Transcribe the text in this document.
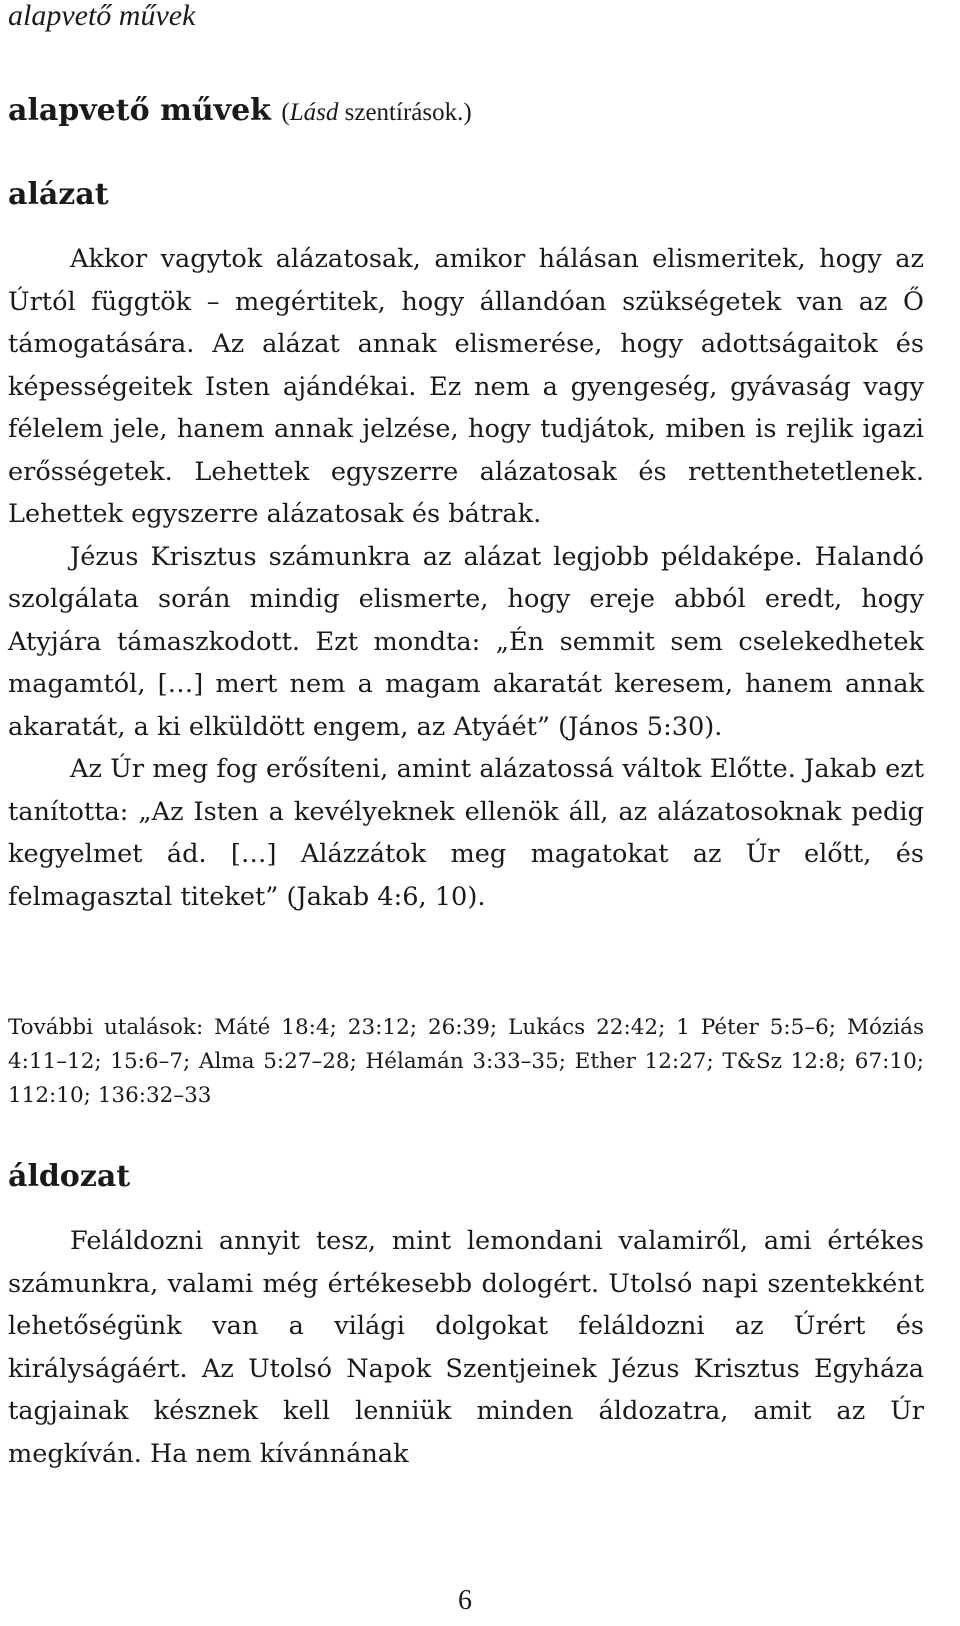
alapvető művek
alapvető művek (Lásd szentírások.)
alázat

Akkor vagytok alázatosak, amikor hálásan elismeritek, hogy az Úrtól függtök – megértitek, hogy állandóan szükségetek van az Ő támogatására. Az alázat annak elismerése, hogy adottságaitok és képességeitek Isten ajándékai. Ez nem a gyengeség, gyávaság vagy félelem jele, hanem annak jelzése, hogy tudjátok, miben is rejlik igazi erősségetek. Lehettek egyszerre alázatosak és rettenthetetlenek. Lehettek egyszerre alázatosak és bátrak.

Jézus Krisztus számunkra az alázat legjobb példaképe. Halandó szolgálata során mindig elismerte, hogy ereje abból eredt, hogy Atyjára támaszkodott. Ezt mondta: „Én semmit sem cselekedhetek magamtól, […] mert nem a magam akaratát keresem, hanem annak akaratát, a ki elküldött engem, az Atyáét” (János 5:30).

Az Úr meg fog erősíteni, amint alázatossá váltok Előtte. Jakab ezt tanította: „Az Isten a kevélyeknek ellenök áll, az alázatosoknak pedig kegyelmet ád. […] Alázzátok meg magatokat az Úr előtt, és felmagasztal titeket” (Jakab 4:6, 10).

További utalások: Máté 18:4; 23:12; 26:39; Lukács 22:42; 1 Péter 5:5–6; Móziás 4:11–12; 15:6–7; Alma 5:27–28; Hélamán 3:33–35; Ether 12:27; T&Sz 12:8; 67:10; 112:10; 136:32–33

áldozat

Feláldozni annyit tesz, mint lemondani valamiről, ami értékes számunkra, valami még értékesebb dologért. Utolsó napi szentekként lehetőségünk van a világi dolgokat feláldozni az Úrért és királyságáért. Az Utolsó Napok Szentjeinek Jézus Krisztus Egyháza tagjainak késznek kell lenniük minden áldozatra, amit az Úr megkíván. Ha nem kívánnának

6
